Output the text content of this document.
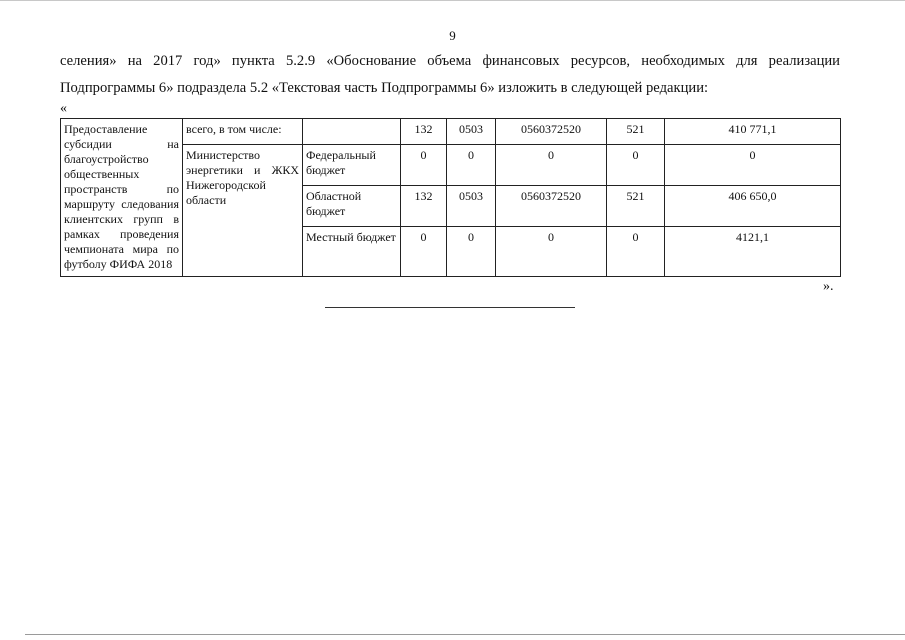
9
селения» на 2017 год» пункта 5.2.9 «Обоснование объема финансовых ресурсов, необходимых для реализации Подпрограммы 6» подраздела 5.2 «Текстовая часть Подпрограммы 6» изложить в следующей редакции:
«
Предоставление субсидии на благоустройство общественных пространств по маршруту следования клиентских групп в рамках проведения чемпионата мира по футболу ФИФА 2018	всего, в том числе:		132	0503	0560372520	521	410 771,1
	Министерство энергетики и ЖКХ Нижегородской области	Федеральный бюджет	0	0	0	0	0
		Областной бюджет	132	0503	0560372520	521	406 650,0
		Местный бюджет	0	0	0	0	4121,1
».
